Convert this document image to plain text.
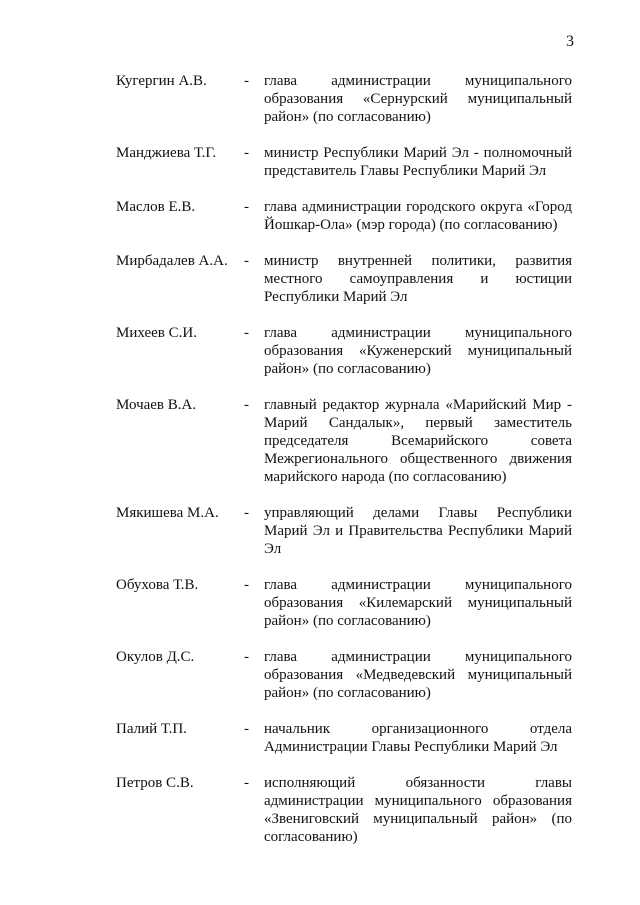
3
Кугергин А.В.	-	глава администрации муниципального образования «Сернурский муниципальный район» (по согласованию)
Манджиева Т.Г.	-	министр Республики Марий Эл - полномочный представитель Главы Республики Марий Эл
Маслов Е.В.	-	глава администрации городского округа «Город Йошкар-Ола» (мэр города) (по согласованию)
Мирбадалев А.А.	-	министр внутренней политики, развития местного самоуправления и юстиции Республики Марий Эл
Михеев С.И.	-	глава администрации муниципального образования «Куженерский муниципальный район» (по согласованию)
Мочаев В.А.	-	главный редактор журнала «Марийский Мир - Марий Сандалык», первый заместитель председателя Всемарийского совета Межрегионального общественного движения марийского народа (по согласованию)
Мякишева М.А.	-	управляющий делами Главы Республики Марий Эл и Правительства Республики Марий Эл
Обухова Т.В.	-	глава администрации муниципального образования «Килемарский муниципальный район» (по согласованию)
Окулов Д.С.	-	глава администрации муниципального образования «Медведевский муниципальный район» (по согласованию)
Палий Т.П.	-	начальник организационного отдела Администрации Главы Республики Марий Эл
Петров С.В.	-	исполняющий обязанности главы администрации муниципального образования «Звениговский муниципальный район» (по согласованию)
